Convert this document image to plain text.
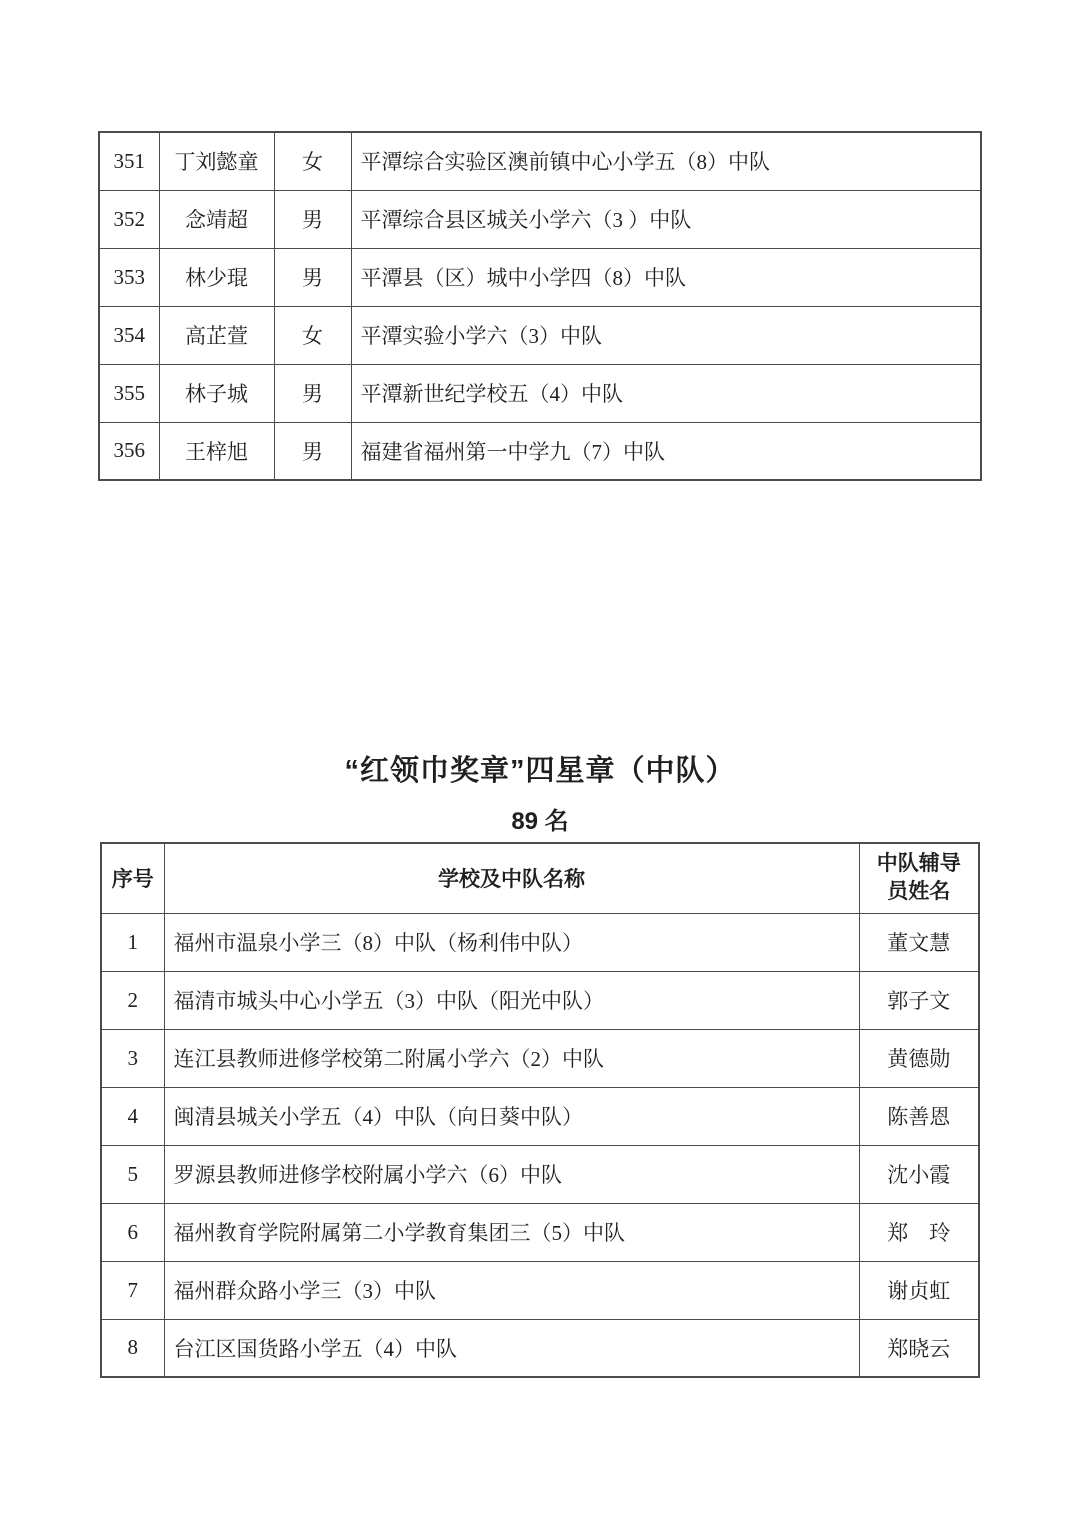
351	丁刘懿童	女	平潭综合实验区澳前镇中心小学五（8）中队
352	念靖超	男	平潭综合县区城关小学六（3 ）中队
353	林少琨	男	平潭县（区）城中小学四（8）中队
354	高芷萱	女	平潭实验小学六（3）中队
355	林子城	男	平潭新世纪学校五（4）中队
356	王梓旭	男	福建省福州第一中学九（7）中队
“红领巾奖章”四星章（中队）
89 名
序号	学校及中队名称	中队辅导员姓名

1	福州市温泉小学三（8）中队（杨利伟中队）	董文慧
2	福清市城头中心小学五（3）中队（阳光中队）	郭子文
3	连江县教师进修学校第二附属小学六（2）中队	黄德勋
4	闽清县城关小学五（4）中队（向日葵中队）	陈善恩
5	罗源县教师进修学校附属小学六（6）中队	沈小霞
6	福州教育学院附属第二小学教育集团三（5）中队	郑　玲
7	福州群众路小学三（3）中队	谢贞虹
8	台江区国货路小学五（4）中队	郑晓云
